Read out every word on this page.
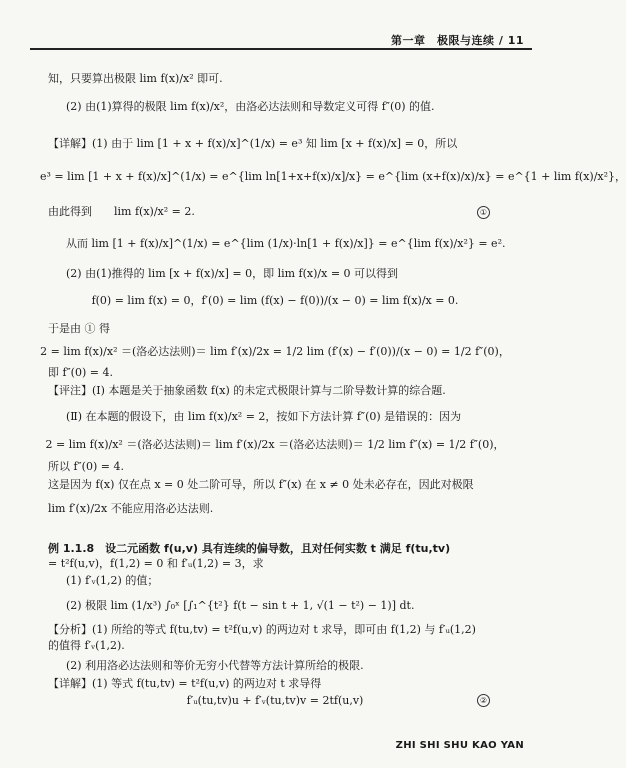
第一章　极限与连续 / 11
知，只要算出极限 lim f(x)/x² 即可.
(2) 由(1)算得的极限 lim f(x)/x²，由洛必达法则和导数定义可得 f″(0) 的值.
【详解】(1) 由于 lim [1 + x + f(x)/x]^(1/x) = e³ 知 lim [x + f(x)/x] = 0，所以
e³ = lim [1 + x + f(x)/x]^(1/x) = e^{lim ln[1+x+f(x)/x]/x} = e^{lim (x+f(x)/x)/x} = e^{1 + lim f(x)/x²}，
由此得到　　lim f(x)/x² = 2.	①
从而 lim [1 + f(x)/x]^(1/x) = e^{lim (1/x)·ln[1 + f(x)/x]} = e^{lim f(x)/x²} = e².
(2) 由(1)推得的 lim [x + f(x)/x] = 0，即 lim f(x)/x = 0 可以得到
f(0) = lim f(x) = 0，f′(0) = lim (f(x) − f(0))/(x − 0) = lim f(x)/x = 0.
于是由 ① 得
2 = lim f(x)/x² ＝(洛必达法则)＝ lim f′(x)/2x = 1/2 lim (f′(x) − f′(0))/(x − 0) = 1/2 f″(0)，
即 f″(0) = 4.
【评注】(Ⅰ) 本题是关于抽象函数 f(x) 的未定式极限计算与二阶导数计算的综合题.
(Ⅱ) 在本题的假设下，由 lim f(x)/x² = 2，按如下方法计算 f″(0) 是错误的：因为
2 = lim f(x)/x² ＝(洛必达法则)＝ lim f′(x)/2x ＝(洛必达法则)＝ 1/2 lim f″(x) = 1/2 f″(0)，
所以 f″(0) = 4.
这是因为 f(x) 仅在点 x = 0 处二阶可导，所以 f″(x) 在 x ≠ 0 处未必存在，因此对极限
lim f′(x)/2x 不能应用洛必达法则.
例 1.1.8　设二元函数 f(u,v) 具有连续的偏导数，且对任何实数 t 满足 f(tu,tv)
= t²f(u,v)，f(1,2) = 0 和 f′ᵤ(1,2) = 3，求
(1) f′ᵥ(1,2) 的值；
(2) 极限 lim (1/x³) ∫₀ˣ [∫₁^{t²} f(t − sin t + 1, √(1 − t²) − 1)] dt.
【分析】(1) 所给的等式 f(tu,tv) = t²f(u,v) 的两边对 t 求导，即可由 f(1,2) 与 f′ᵤ(1,2)
的值得 f′ᵥ(1,2).
(2) 利用洛必达法则和等价无穷小代替等方法计算所给的极限.
【详解】(1) 等式 f(tu,tv) = t²f(u,v) 的两边对 t 求导得
f′ᵤ(tu,tv)u + f′ᵥ(tu,tv)v = 2tf(u,v)	②
ZHI SHI SHU KAO YAN
